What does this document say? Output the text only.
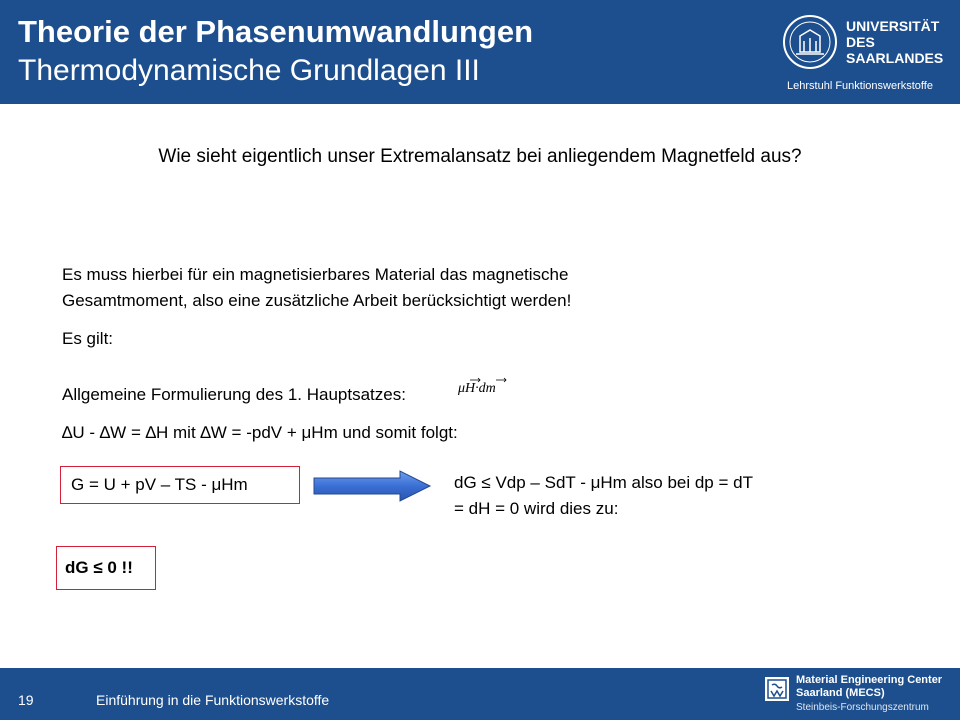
Theorie der Phasenumwandlungen
Thermodynamische Grundlagen III
UNIVERSITÄT
DES
SAARLANDES
Lehrstuhl Funktionswerkstoffe
Wie sieht eigentlich unser Extremalansatz bei anliegendem Magnetfeld aus?
Es muss hierbei für ein magnetisierbares Material das magnetische
Gesamtmoment, also eine zusätzliche Arbeit berücksichtigt werden!
Es gilt:
Allgemeine Formulierung des 1. Hauptsatzes:	μH·dm
∆U - ∆W = ∆H mit ∆W = -pdV + μHm und somit folgt:
G = U + pV – TS - μHm	dG ≤ Vdp – SdT - μHm also bei dp = dT
= dH = 0 wird dies zu:
dG ≤ 0 !!
19	Einführung in die Funktionswerkstoffe
Material Engineering Center
Saarland (MECS)
Steinbeis-Forschungszentrum
